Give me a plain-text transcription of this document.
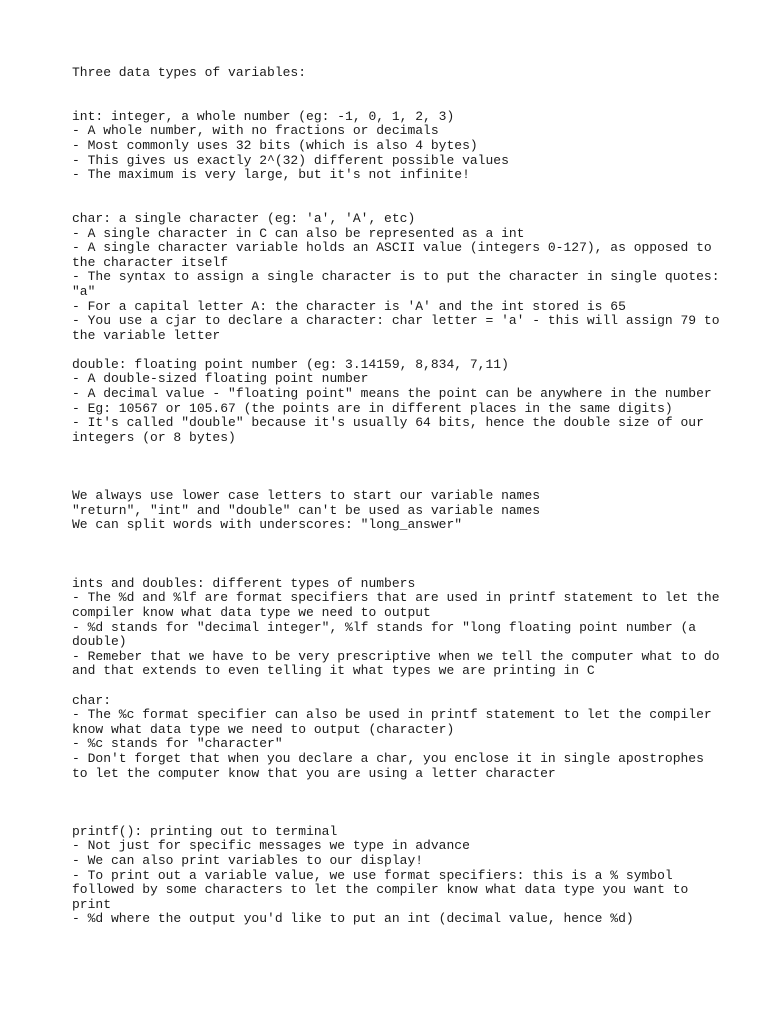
Three data types of variables:
int: integer, a whole number (eg: -1, 0, 1, 2, 3)
- A whole number, with no fractions or decimals
- Most commonly uses 32 bits (which is also 4 bytes)
- This gives us exactly 2^(32) different possible values
- The maximum is very large, but it's not infinite!
char: a single character (eg: 'a', 'A', etc)
- A single character in C can also be represented as a int
- A single character variable holds an ASCII value (integers 0-127), as opposed to
the character itself
- The syntax to assign a single character is to put the character in single quotes:
"a"
- For a capital letter A: the character is 'A' and the int stored is 65
- You use a cjar to declare a character: char letter = 'a' - this will assign 79 to
the variable letter
double: floating point number (eg: 3.14159, 8,834, 7,11)
- A double-sized floating point number
- A decimal value - "floating point" means the point can be anywhere in the number
- Eg: 10567 or 105.67 (the points are in different places in the same digits)
- It's called "double" because it's usually 64 bits, hence the double size of our
integers (or 8 bytes)
We always use lower case letters to start our variable names
"return", "int" and "double" can't be used as variable names
We can split words with underscores: "long_answer"
ints and doubles: different types of numbers
- The %d and %lf are format specifiers that are used in printf statement to let the
compiler know what data type we need to output
- %d stands for "decimal integer", %lf stands for "long floating point number (a
double)
- Remeber that we have to be very prescriptive when we tell the computer what to do
and that extends to even telling it what types we are printing in C
char:
- The %c format specifier can also be used in printf statement to let the compiler
know what data type we need to output (character)
- %c stands for "character"
- Don't forget that when you declare a char, you enclose it in single apostrophes
to let the computer know that you are using a letter character
printf(): printing out to terminal
- Not just for specific messages we type in advance
- We can also print variables to our display!
- To print out a variable value, we use format specifiers: this is a % symbol
followed by some characters to let the compiler know what data type you want to
print
- %d where the output you'd like to put an int (decimal value, hence %d)
